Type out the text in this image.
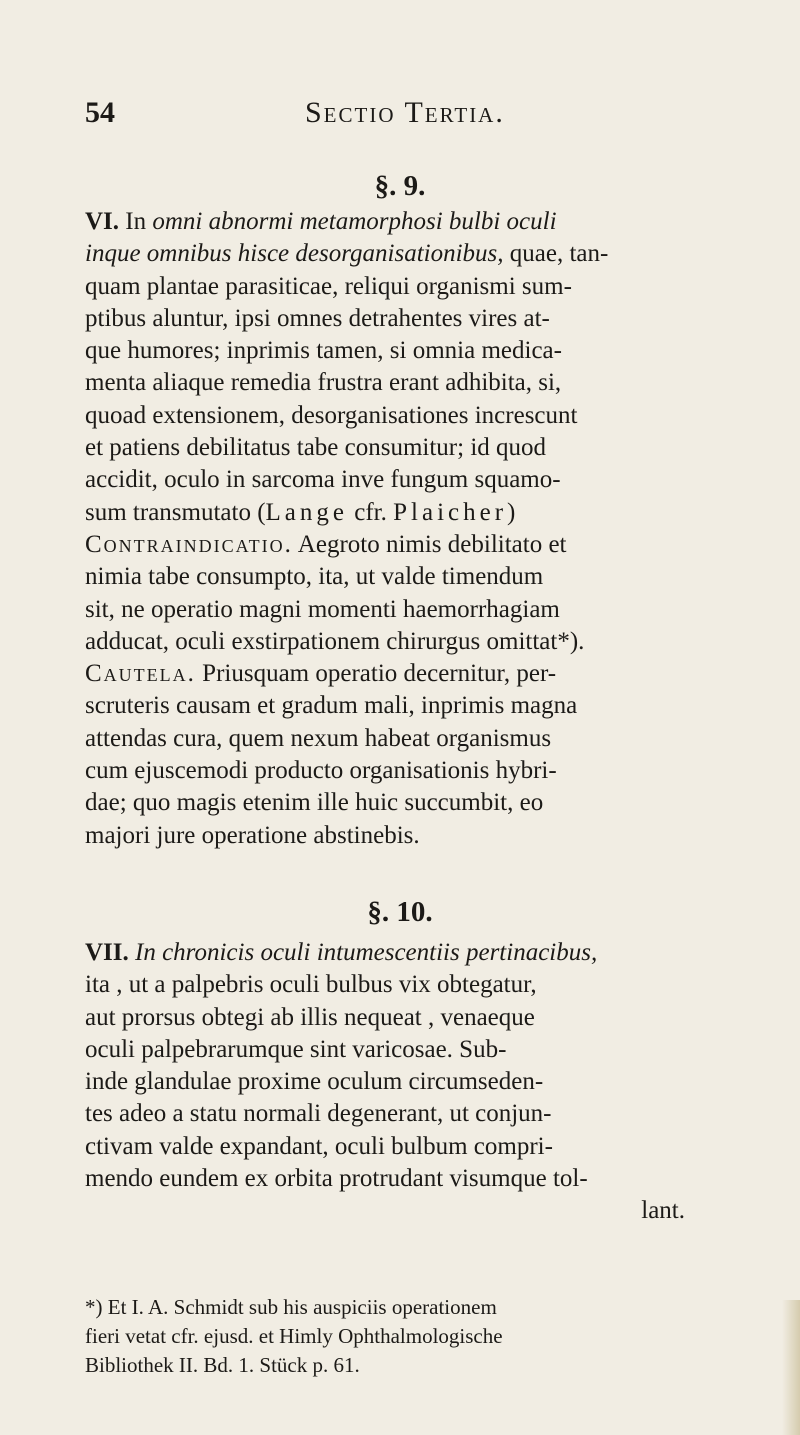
54	Sectio Tertia.
§. 9.
VI. In omni abnormi metamorphosi bulbi oculi
inque omnibus hisce desorganisationibus, quae, tan-
quam plantae parasiticae, reliqui organismi sum-
ptibus aluntur, ipsi omnes detrahentes vires at-
que humores; inprimis tamen, si omnia medica-
menta aliaque remedia frustra erant adhibita, si,
quoad extensionem, desorganisationes increscunt
et patiens debilitatus tabe consumitur; id quod
accidit, oculo in sarcoma inve fungum squamo-
sum transmutato (Lange cfr. Plaicher)
Contraindicatio. Aegroto nimis debilitato et
nimia tabe consumpto, ita, ut valde timendum
sit, ne operatio magni momenti haemorrhagiam
adducat, oculi exstirpationem chirurgus omittat*).
Cautela. Priusquam operatio decernitur, per-
scruteris causam et gradum mali, inprimis magna
attendas cura, quem nexum habeat organismus
cum ejuscemodi producto organisationis hybri-
dae; quo magis etenim ille huic succumbit, eo
majori jure operatione abstinebis.
§. 10.
VII. In chronicis oculi intumescentiis pertinacibus,
ita , ut a palpebris oculi bulbus vix obtegatur,
aut prorsus obtegi ab illis nequeat , venaeque
oculi palpebrarumque sint varicosae. Sub-
inde glandulae proxime oculum circumseden-
tes adeo a statu normali degenerant, ut conjun-
ctivam valde expandant, oculi bulbum compri-
mendo eundem ex orbita protrudant visumque tol-
lant.
*) Et I. A. Schmidt sub his auspiciis operationem
fieri vetat cfr. ejusd. et Himly Ophthalmologische
Bibliothek II. Bd. 1. Stück p. 61.
